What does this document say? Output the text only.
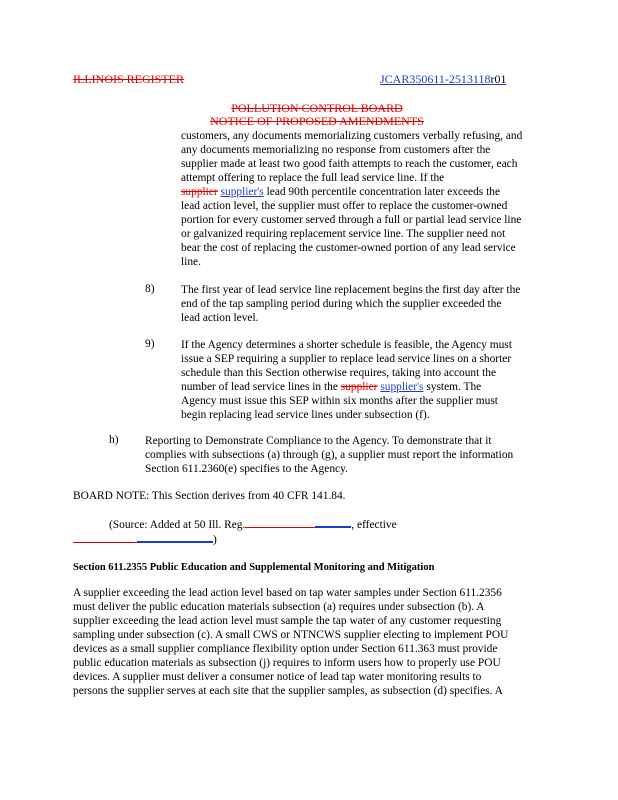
ILLINOIS REGISTER	JCAR350611-2513118r01
POLLUTION CONTROL BOARD
NOTICE OF PROPOSED AMENDMENTS
customers, any documents memorializing customers verbally refusing, and
any documents memorializing no response from customers after the
supplier made at least two good faith attempts to reach the customer, each
attempt offering to replace the full lead service line. If the
supplier supplier's lead 90th percentile concentration later exceeds the
lead action level, the supplier must offer to replace the customer-owned
portion for every customer served through a full or partial lead service line
or galvanized requiring replacement service line. The supplier need not
bear the cost of replacing the customer-owned portion of any lead service
line.
8) The first year of lead service line replacement begins the first day after the
end of the tap sampling period during which the supplier exceeded the
lead action level.
9) If the Agency determines a shorter schedule is feasible, the Agency must
issue a SEP requiring a supplier to replace lead service lines on a shorter
schedule than this Section otherwise requires, taking into account the
number of lead service lines in the supplier supplier's system. The
Agency must issue this SEP within six months after the supplier must
begin replacing lead service lines under subsection (f).
h) Reporting to Demonstrate Compliance to the Agency. To demonstrate that it
complies with subsections (a) through (g), a supplier must report the information
Section 611.2360(e) specifies to the Agency.
BOARD NOTE: This Section derives from 40 CFR 141.84.
(Source: Added at 50 Ill. Reg.	, effective
)
Section 611.2355 Public Education and Supplemental Monitoring and Mitigation
A supplier exceeding the lead action level based on tap water samples under Section 611.2356
must deliver the public education materials subsection (a) requires under subsection (b). A
supplier exceeding the lead action level must sample the tap water of any customer requesting
sampling under subsection (c). A small CWS or NTNCWS supplier electing to implement POU
devices as a small supplier compliance flexibility option under Section 611.363 must provide
public education materials as subsection (j) requires to inform users how to properly use POU
devices. A supplier must deliver a consumer notice of lead tap water monitoring results to
persons the supplier serves at each site that the supplier samples, as subsection (d) specifies. A
